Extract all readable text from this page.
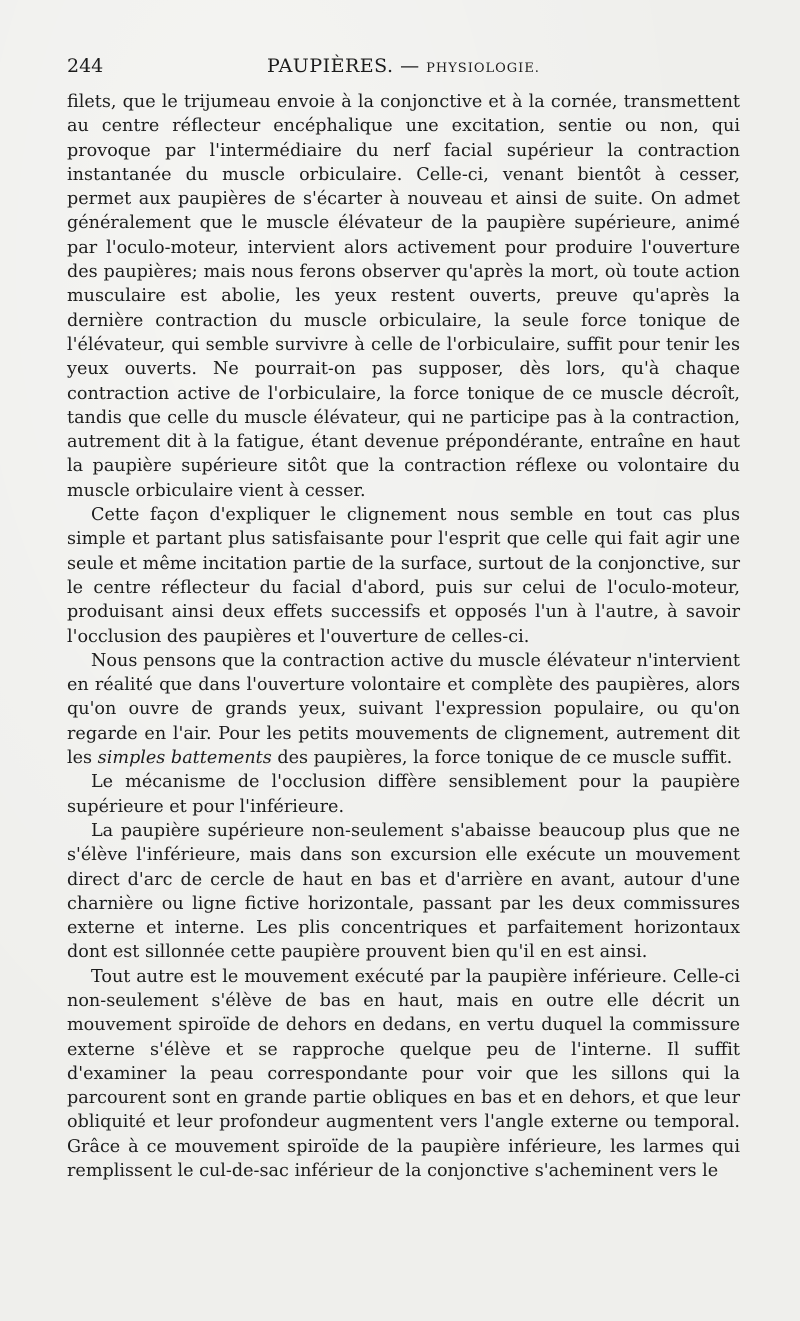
244	PAUPIÈRES. — PHYSIOLOGIE.

filets, que le trijumeau envoie à la conjonctive et à la cornée, transmettent au centre réflecteur encéphalique une excitation, sentie ou non, qui provoque par l'intermédiaire du nerf facial supérieur la contraction instantanée du muscle orbiculaire. Celle-ci, venant bientôt à cesser, permet aux paupières de s'écarter à nouveau et ainsi de suite. On admet généralement que le muscle élévateur de la paupière supérieure, animé par l'oculo-moteur, intervient alors activement pour produire l'ouverture des paupières; mais nous ferons observer qu'après la mort, où toute action musculaire est abolie, les yeux restent ouverts, preuve qu'après la dernière contraction du muscle orbiculaire, la seule force tonique de l'élévateur, qui semble survivre à celle de l'orbiculaire, suffit pour tenir les yeux ouverts. Ne pourrait-on pas supposer, dès lors, qu'à chaque contraction active de l'orbiculaire, la force tonique de ce muscle décroît, tandis que celle du muscle élévateur, qui ne participe pas à la contraction, autrement dit à la fatigue, étant devenue prépondérante, entraîne en haut la paupière supérieure sitôt que la contraction réflexe ou volontaire du muscle orbiculaire vient à cesser.

Cette façon d'expliquer le clignement nous semble en tout cas plus simple et partant plus satisfaisante pour l'esprit que celle qui fait agir une seule et même incitation partie de la surface, surtout de la conjonctive, sur le centre réflecteur du facial d'abord, puis sur celui de l'oculo-moteur, produisant ainsi deux effets successifs et opposés l'un à l'autre, à savoir l'occlusion des paupières et l'ouverture de celles-ci.

Nous pensons que la contraction active du muscle élévateur n'intervient en réalité que dans l'ouverture volontaire et complète des paupières, alors qu'on ouvre de grands yeux, suivant l'expression populaire, ou qu'on regarde en l'air. Pour les petits mouvements de clignement, autrement dit les simples battements des paupières, la force tonique de ce muscle suffit.

Le mécanisme de l'occlusion diffère sensiblement pour la paupière supérieure et pour l'inférieure.

La paupière supérieure non-seulement s'abaisse beaucoup plus que ne s'élève l'inférieure, mais dans son excursion elle exécute un mouvement direct d'arc de cercle de haut en bas et d'arrière en avant, autour d'une charnière ou ligne fictive horizontale, passant par les deux commissures externe et interne. Les plis concentriques et parfaitement horizontaux dont est sillonnée cette paupière prouvent bien qu'il en est ainsi.

Tout autre est le mouvement exécuté par la paupière inférieure. Celle-ci non-seulement s'élève de bas en haut, mais en outre elle décrit un mouvement spiroïde de dehors en dedans, en vertu duquel la commissure externe s'élève et se rapproche quelque peu de l'interne. Il suffit d'examiner la peau correspondante pour voir que les sillons qui la parcourent sont en grande partie obliques en bas et en dehors, et que leur obliquité et leur profondeur augmentent vers l'angle externe ou temporal. Grâce à ce mouvement spiroïde de la paupière inférieure, les larmes qui remplissent le cul-de-sac inférieur de la conjonctive s'acheminent vers le
